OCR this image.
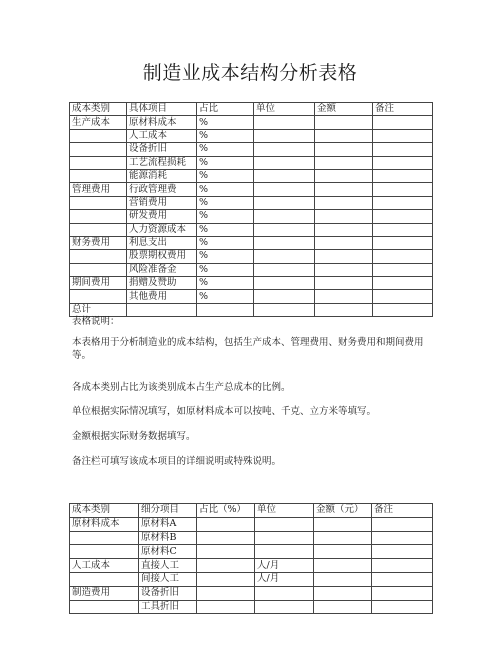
制造业成本结构分析表格
成本类别	具体项目	占比	单位	金额	备注
生产成本	原材料成本	%			
	人工成本	%			
	设备折旧	%			
	工艺流程损耗	%			
	能源消耗	%			
管理费用	行政管理费	%			
	营销费用	%			
	研发费用	%			
	人力资源成本	%			
财务费用	利息支出	%			
	股票期权费用	%			
	风险准备金	%			
期间费用	捐赠及赞助	%			
	其他费用	%			
总计					

表格说明：

本表格用于分析制造业的成本结构，包括生产成本、管理费用、财务费用和期间费用等。

各成本类别占比为该类别成本占生产总成本的比例。

单位根据实际情况填写，如原材料成本可以按吨、千克、立方米等填写。

金额根据实际财务数据填写。

备注栏可填写该成本项目的详细说明或特殊说明。

成本类别	细分项目	占比（%）	单位	金额（元）	备注
原材料成本	原材料A				
	原材料B				
	原材料C				
人工成本	直接人工		人/月		
	间接人工		人/月		
制造费用	设备折旧				
	工具折旧				
